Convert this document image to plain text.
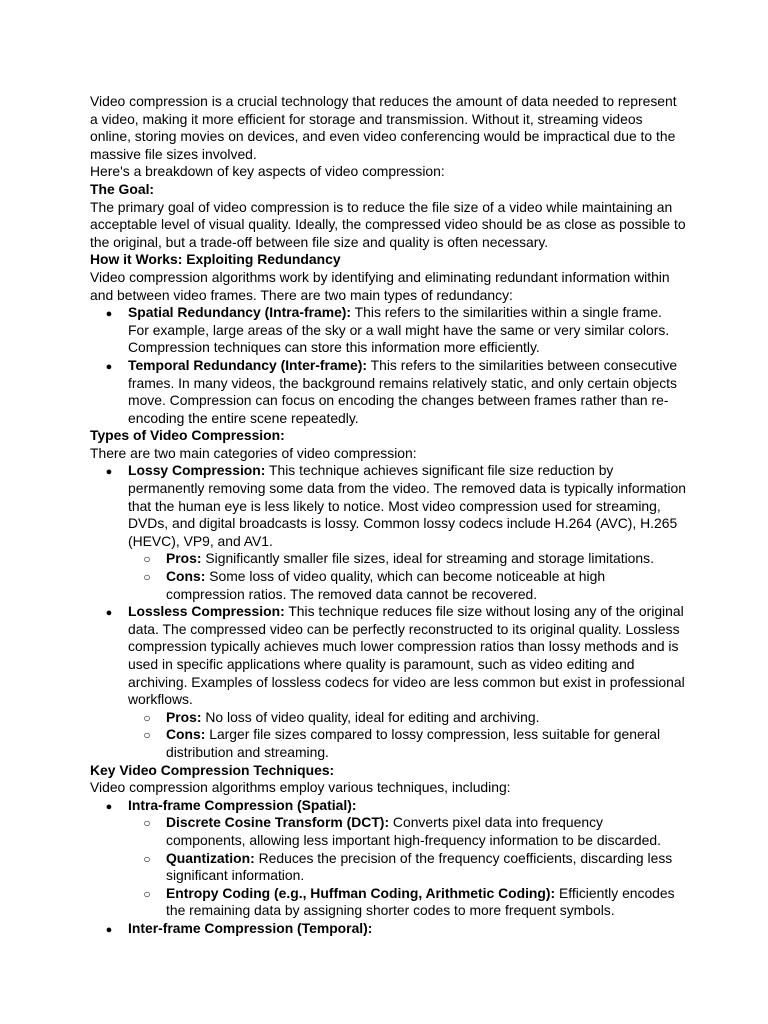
Video compression is a crucial technology that reduces the amount of data needed to represent a video, making it more efficient for storage and transmission. Without it, streaming videos online, storing movies on devices, and even video conferencing would be impractical due to the massive file sizes involved.

Here's a breakdown of key aspects of video compression:

The Goal:

The primary goal of video compression is to reduce the file size of a video while maintaining an acceptable level of visual quality. Ideally, the compressed video should be as close as possible to the original, but a trade-off between file size and quality is often necessary.

How it Works: Exploiting Redundancy

Video compression algorithms work by identifying and eliminating redundant information within and between video frames. There are two main types of redundancy:

●
Spatial Redundancy (Intra-frame): This refers to the similarities within a single frame. For example, large areas of the sky or a wall might have the same or very similar colors. Compression techniques can store this information more efficiently.
●
Temporal Redundancy (Inter-frame): This refers to the similarities between consecutive frames. In many videos, the background remains relatively static, and only certain objects move. Compression can focus on encoding the changes between frames rather than re-encoding the entire scene repeatedly.

Types of Video Compression:

There are two main categories of video compression:

●
Lossy Compression: This technique achieves significant file size reduction by permanently removing some data from the video. The removed data is typically information that the human eye is less likely to notice. Most video compression used for streaming, DVDs, and digital broadcasts is lossy. Common lossy codecs include H.264 (AVC), H.265 (HEVC), VP9, and AV1.
○
Pros: Significantly smaller file sizes, ideal for streaming and storage limitations.
○
Cons: Some loss of video quality, which can become noticeable at high compression ratios. The removed data cannot be recovered.
●
Lossless Compression: This technique reduces file size without losing any of the original data. The compressed video can be perfectly reconstructed to its original quality. Lossless compression typically achieves much lower compression ratios than lossy methods and is used in specific applications where quality is paramount, such as video editing and archiving. Examples of lossless codecs for video are less common but exist in professional workflows.
○
Pros: No loss of video quality, ideal for editing and archiving.
○
Cons: Larger file sizes compared to lossy compression, less suitable for general distribution and streaming.

Key Video Compression Techniques:

Video compression algorithms employ various techniques, including:

●
Intra-frame Compression (Spatial):
○
Discrete Cosine Transform (DCT): Converts pixel data into frequency components, allowing less important high-frequency information to be discarded.
○
Quantization: Reduces the precision of the frequency coefficients, discarding less significant information.
○
Entropy Coding (e.g., Huffman Coding, Arithmetic Coding): Efficiently encodes the remaining data by assigning shorter codes to more frequent symbols.
●
Inter-frame Compression (Temporal):
